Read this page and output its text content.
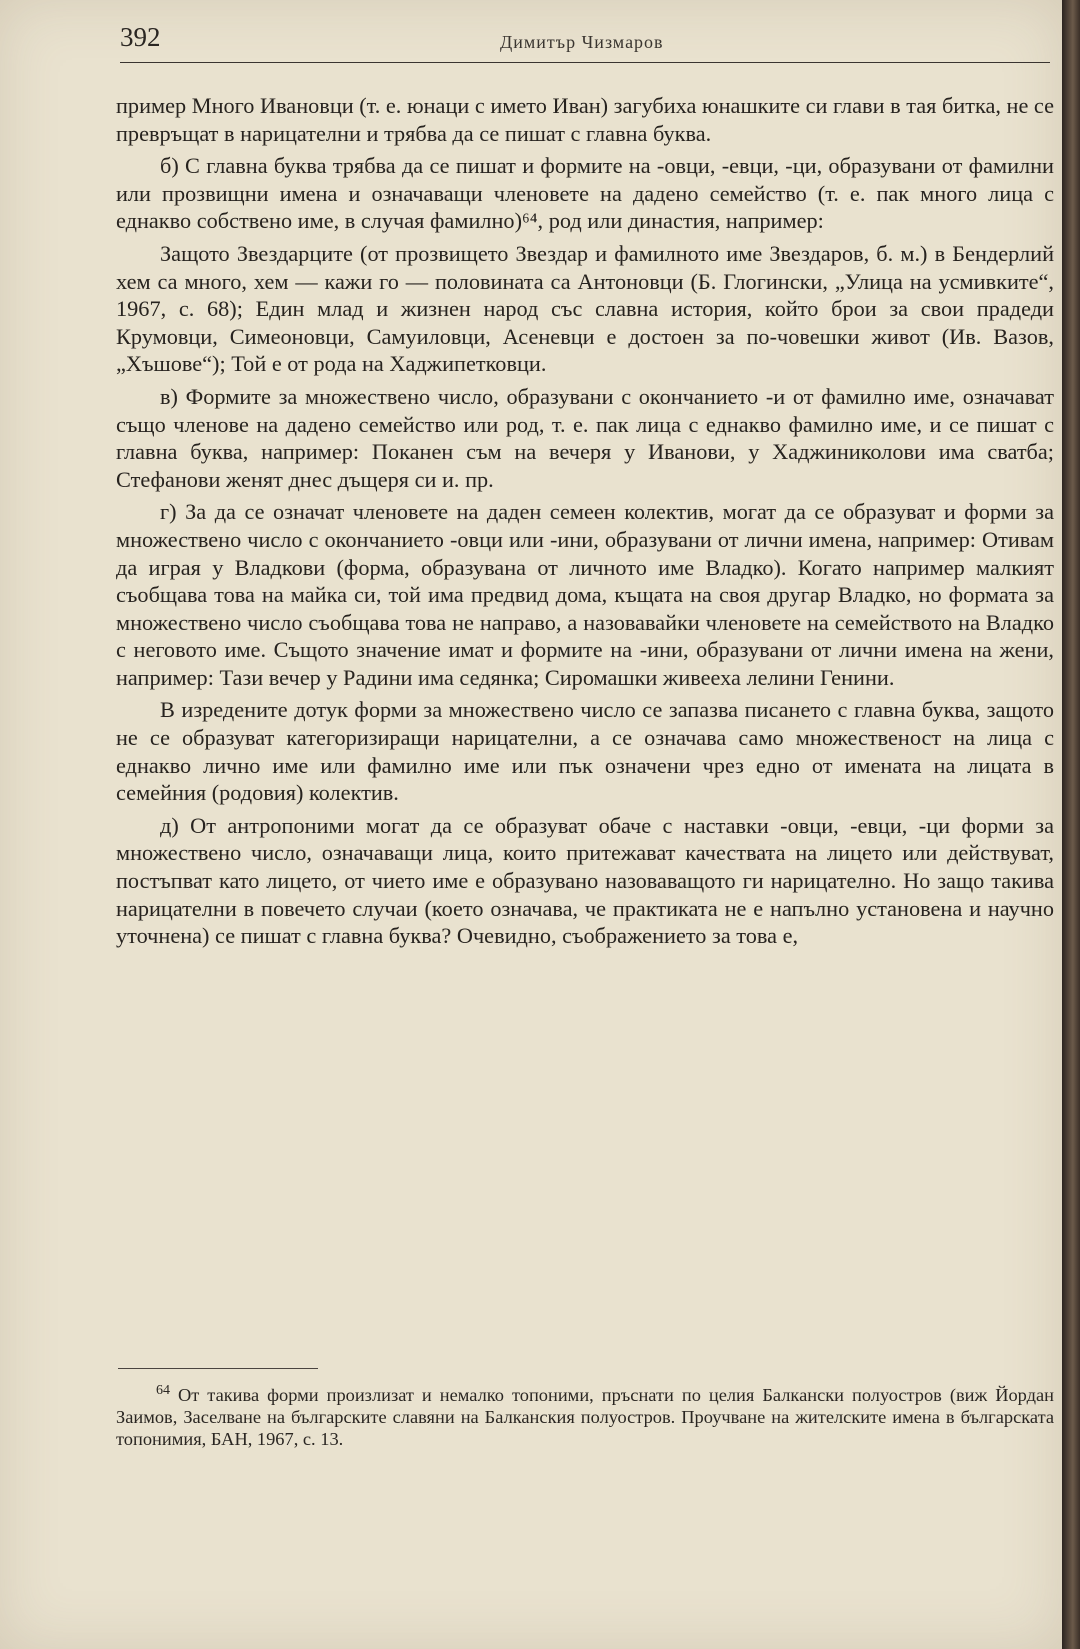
392	Димитър Чизмаров

пример Много Ивановци (т. е. юнаци с името Иван) загубиха юнашките си глави в тая битка, не се превръщат в нарицателни и трябва да се пишат с главна буква.

б) С главна буква трябва да се пишат и формите на -овци, -евци, -ци, образувани от фамилни или прозвищни имена и означаващи членовете на дадено семейство (т. е. пак много лица с еднакво собствено име, в случая фамилно)⁶⁴, род или династия, например:

Защото Звездарците (от прозвището Звездар и фамилното име Звездаров, б. м.) в Бендерлий хем са много, хем — кажи го — половината са Антоновци (Б. Глогински, „Улица на усмивките“, 1967, с. 68); Един млад и жизнен народ със славна история, който брои за свои прадеди Крумовци, Симеоновци, Самуиловци, Асеневци е достоен за по-човешки живот (Ив. Вазов, „Хъшове“); Той е от рода на Хаджипетковци.

в) Формите за множествено число, образувани с окончанието -и от фамилно име, означават също членове на дадено семейство или род, т. е. пак лица с еднакво фамилно име, и се пишат с главна буква, например: Поканен съм на вечеря у Иванови, у Хаджиниколови има сватба; Стефанови женят днес дъщеря си и. пр.

г) За да се означат членовете на даден семеен колектив, могат да се образуват и форми за множествено число с окончанието -овци или -ини, образувани от лични имена, например: Отивам да играя у Владкови (форма, образувана от личното име Владко). Когато например малкият съобщава това на майка си, той има предвид дома, къщата на своя другар Владко, но формата за множествено число съобщава това не направо, а назовавайки членовете на семейството на Владко с неговото име. Същото значение имат и формите на -ини, образувани от лични имена на жени, например: Тази вечер у Радини има седянка; Сиромашки живееха лелини Генини.

В изредените дотук форми за множествено число се запазва писането с главна буква, защото не се образуват категоризиращи нарицателни, а се означава само множественост на лица с еднакво лично име или фамилно име или пък означени чрез едно от имената на лицата в семейния (родовия) колектив.

д) От антропоними могат да се образуват обаче с наставки -овци, -евци, -ци форми за множествено число, означаващи лица, които притежават качествата на лицето или действуват, постъпват като лицето, от чието име е образувано назоваващото ги нарицателно. Но защо такива нарицателни в повечето случаи (което означава, че практиката не е напълно установена и научно уточнена) се пишат с главна буква? Очевидно, съображението за това е,

$^{64}$ От такива форми произлизат и немалко топоними, пръснати по целия Балкански полуостров (виж Йордан Заимов, Заселване на българските славяни на Балканския полуостров. Проучване на жителските имена в българската топонимия, БАН, 1967, с. 13.
